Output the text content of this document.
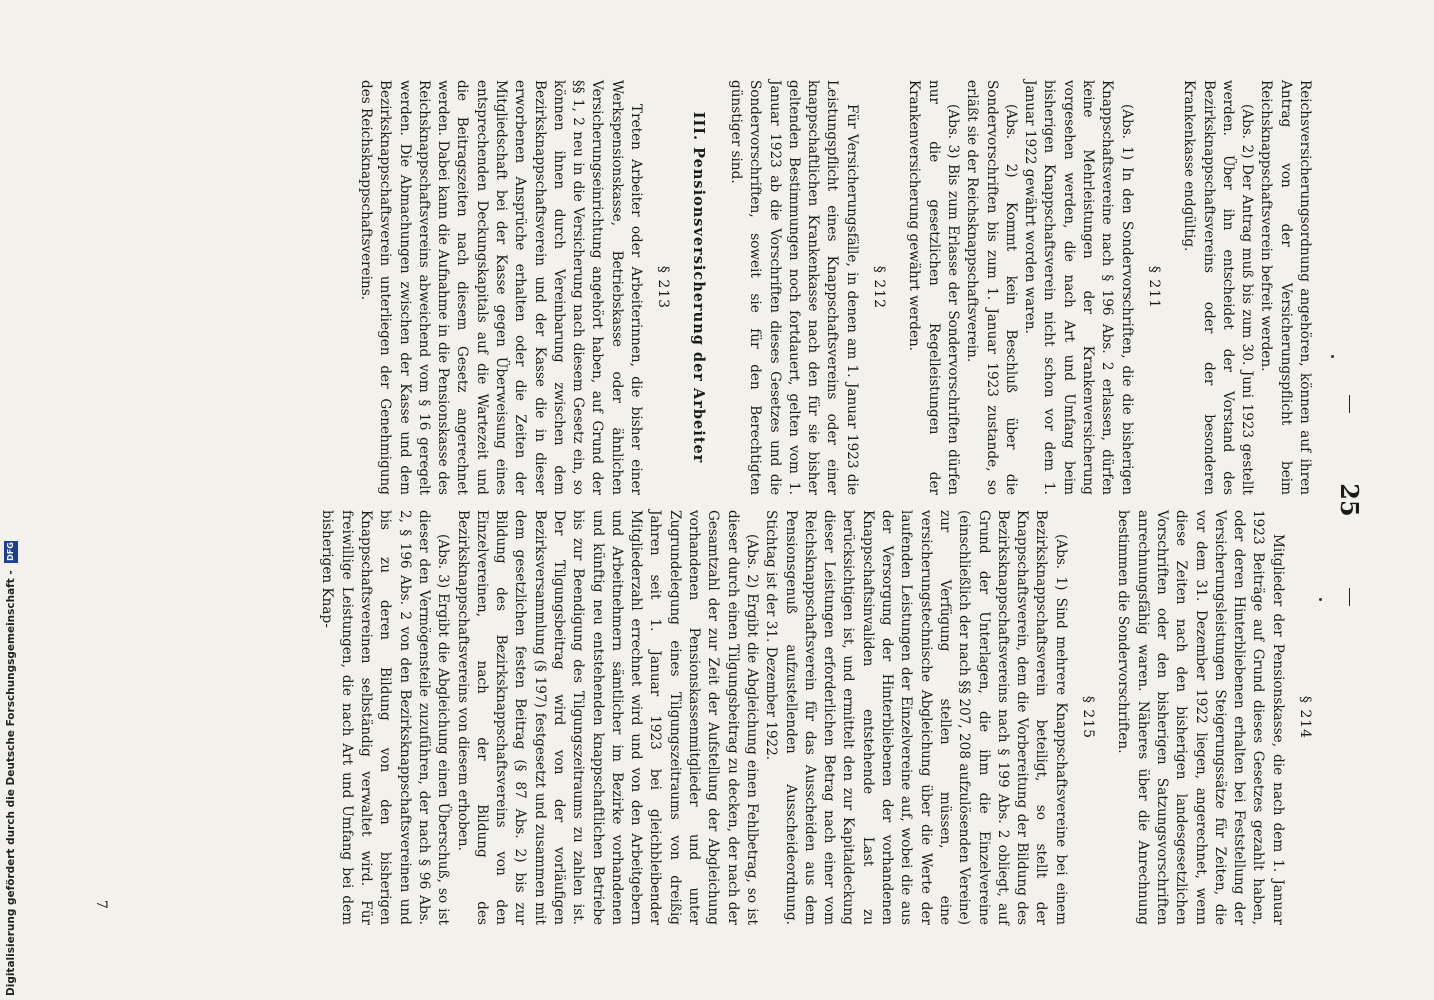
25

Reichsversicherungsordnung angehören, können auf ihren Antrag von der Versicherungspflicht beim Reichsknappschaftsverein befreit werden.

(Abs. 2) Der Antrag muß bis zum 30. Juni 1923 gestellt werden. Über ihn entscheidet der Vorstand des Bezirksknappschaftsvereins oder der besonderen Krankenkasse endgültig.

§ 211

(Abs. 1) In den Sondervorschriften, die die bisherigen Knappschaftsvereine nach § 196 Abs. 2 erlassen, dürfen keine Mehrleistungen der Krankenversicherung vorgesehen werden, die nach Art und Umfang beim bisherigen Knappschaftsverein nicht schon vor dem 1. Januar 1922 gewährt worden waren.

(Abs. 2) Kommt kein Beschluß über die Sondervorschriften bis zum 1. Januar 1923 zustande, so erläßt sie der Reichsknappschaftsverein.

(Abs. 3) Bis zum Erlasse der Sondervorschriften dürfen nur die gesetzlichen Regelleistungen der Krankenversicherung gewährt werden.

§ 212

Für Versicherungsfälle, in denen am 1. Januar 1923 die Leistungspflicht eines Knappschaftsvereins oder einer knappschaftlichen Krankenkasse nach den für sie bisher geltenden Bestimmungen noch fortdauert, gelten vom 1. Januar 1923 ab die Vorschriften dieses Gesetzes und die Sondervorschriften, soweit sie für den Berechtigten günstiger sind.

III. Pensionsversicherung der Arbeiter
§ 213

Treten Arbeiter oder Arbeiterinnen, die bisher einer Werkspensionskasse, Betriebskasse oder ähnlichen Versicherungseinrichtung angehört haben, auf Grund der §§ 1, 2 neu in die Versicherung nach diesem Gesetz ein, so können ihnen durch Vereinbarung zwischen dem Bezirksknappschaftsverein und der Kasse die in dieser erworbenen Ansprüche erhalten oder die Zeiten der Mitgliedschaft bei der Kasse gegen Überweisung eines entsprechenden Deckungskapitals auf die Wartezeit und die Beitragszeiten nach diesem Gesetz angerechnet werden. Dabei kann die Aufnahme in die Pensionskasse des Reichsknappschaftsvereins abweichend vom § 16 geregelt werden. Die Abmachungen zwischen der Kasse und dem Bezirksknappschaftsverein unterliegen der Genehmigung des Reichsknappschaftsvereins.

§ 214

Mitglieder der Pensionskasse, die nach dem 1. Januar 1923 Beiträge auf Grund dieses Gesetzes gezahlt haben, oder deren Hinterbliebenen erhalten bei Feststellung der Versicherungsleistungen Steigerungssätze für Zeiten, die vor dem 31. Dezember 1922 liegen, angerechnet, wenn diese Zeiten nach den bisherigen landesgesetzlichen Vorschriften oder den bisherigen Satzungsvorschriften anrechnungsfähig waren. Näheres über die Anrechnung bestimmen die Sondervorschriften.

§ 215

(Abs. 1) Sind mehrere Knappschaftsvereine bei einem Bezirksknappschaftsverein beteiligt, so stellt der Knappschaftsverein, dem die Vorbereitung der Bildung des Bezirksknappschaftsvereins nach § 199 Abs. 2 obliegt, auf Grund der Unterlagen, die ihm die Einzelvereine (einschließlich der nach §§ 207, 208 aufzulösenden Vereine) zur Verfügung stellen müssen, eine versicherungstechnische Abgleichung über die Werte der laufenden Leistungen der Einzelvereine auf, wobei die aus der Versorgung der Hinterbliebenen der vorhandenen Knappschaftsinvaliden entstehende Last zu berücksichtigen ist, und ermittelt den zur Kapitaldeckung dieser Leistungen erforderlichen Betrag nach einer vom Reichsknappschaftsverein für das Ausscheiden aus dem Pensionsgenuß aufzustellenden Ausscheideordnung. Stichtag ist der 31. Dezember 1922.

(Abs. 2) Ergibt die Abgleichung einen Fehlbetrag, so ist dieser durch einen Tilgungsbeitrag zu decken, der nach der Gesamtzahl der zur Zeit der Aufstellung der Abgleichung vorhandenen Pensionskassenmitglieder und unter Zugrundelegung eines Tilgungszeitraums von dreißig Jahren seit 1. Januar 1923 bei gleichbleibender Mitgliederzahl errechnet wird und von den Arbeitgebern und Arbeitnehmern sämtlicher im Bezirke vorhandenen und künftig neu entstehenden knappschaftlichen Betriebe bis zur Beendigung des Tilgungszeitraums zu zahlen ist. Der Tilgungsbeitrag wird von der vorläufigen Bezirksversammlung (§ 197) festgesetzt und zusammen mit dem gesetzlichen festen Beitrag (§ 87 Abs. 2) bis zur Bildung des Bezirksknappschaftsvereins von den Einzelvereinen, nach der Bildung des Bezirksknappschaftsvereins von diesem erhoben.

(Abs. 3) Ergibt die Abgleichung einen Überschuß, so ist dieser den Vermögensteile zuzuführen, der nach § 96 Abs. 2, § 196 Abs. 2 von den Bezirksknappschaftsvereinen und bis zu deren Bildung von den bisherigen Knappschaftsvereinen selbständig verwaltet wird. Für freiwillige Leistungen, die nach Art und Umfang bei dem bisherigen Knap-

7
Digitalisierung gefördert durch die Deutsche Forschungsgemeinschaft - DFG
